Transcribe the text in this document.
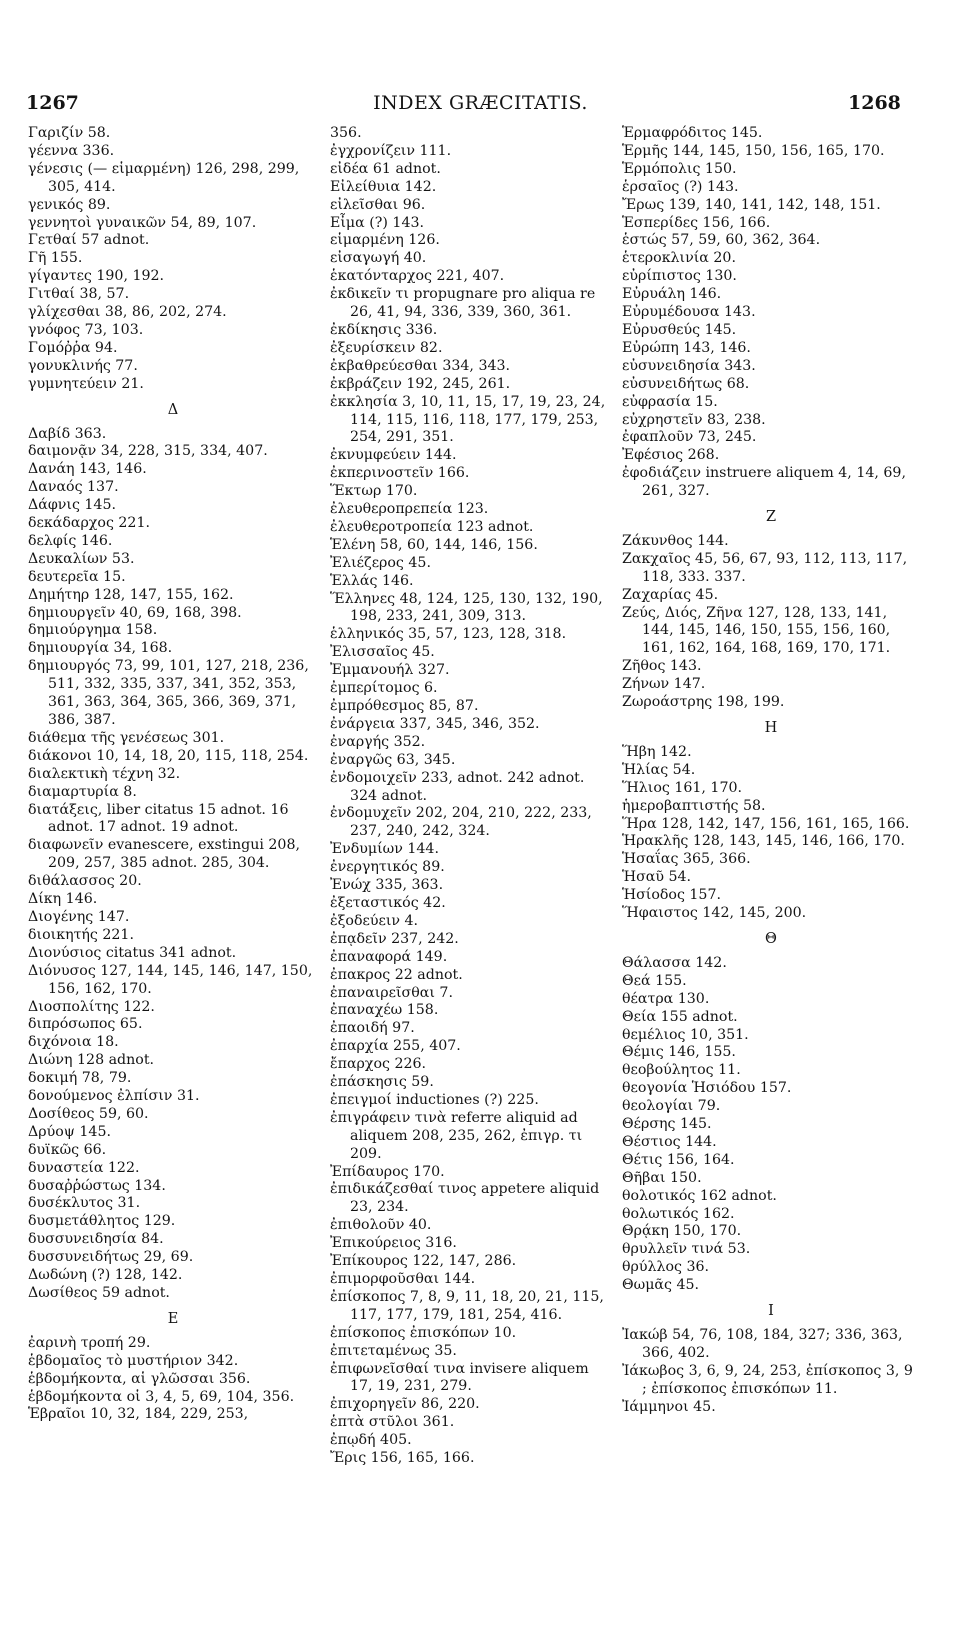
1267	INDEX GRÆCITATIS.	1268
Γαριζίν 58.
γέεννα 336.
γένεσις (— εἱμαρμένη) 126, 298, 299, 305, 414.
γενικός 89.
γεννητοὶ γυναικῶν 54, 89, 107.
Γετθαί 57 adnot.
Γῆ 155.
γίγαντες 190, 192.
Γιτθαί 38, 57.
γλίχεσθαι 38, 86, 202, 274.
γνόφος 73, 103.
Γομόῤῥα 94.
γονυκλινής 77.
γυμνητεύειν 21.
Δ
Δαβίδ 363.
δαιμονᾷν 34, 228, 315, 334, 407.
Δανάη 143, 146.
Δαναός 137.
Δάφνις 145.
δεκάδαρχος 221.
δελφίς 146.
Δευκαλίων 53.
δευτερεῖα 15.
Δημήτηρ 128, 147, 155, 162.
δημιουργεῖν 40, 69, 168, 398.
δημιούργημα 158.
δημιουργία 34, 168.
δημιουργός 73, 99, 101, 127, 218, 236, 511, 332, 335, 337, 341, 352, 353, 361, 363, 364, 365, 366, 369, 371, 386, 387.
διάθεμα τῆς γενέσεως 301.
διάκονοι 10, 14, 18, 20, 115, 118, 254.
διαλεκτικὴ τέχνη 32.
διαμαρτυρία 8.
διατάξεις, liber citatus 15 adnot. 16 adnot. 17 adnot. 19 adnot.
διαφωνεῖν evanescere, exstingui 208, 209, 257, 385 adnot. 285, 304.
διθάλασσος 20.
Δίκη 146.
Διογένης 147.
διοικητής 221.
Διονύσιος citatus 341 adnot.
Διόνυσος 127, 144, 145, 146, 147, 150, 156, 162, 170.
Διοσπολίτης 122.
διπρόσωπος 65.
διχόνοια 18.
Διώνη 128 adnot.
δοκιμή 78, 79.
δονούμενος ἐλπίσιν 31.
Δοσίθεος 59, 60.
Δρύοψ 145.
δυϊκῶς 66.
δυναστεία 122.
δυσαῤῥώστως 134.
δυσέκλυτος 31.
δυσμετάθλητος 129.
δυσσυνειδησία 84.
δυσσυνειδήτως 29, 69.
Δωδώνη (?) 128, 142.
Δωσίθεος 59 adnot.
Ε
ἐαρινὴ τροπή 29.
ἑβδομαῖος τὸ μυστήριον 342.
ἑβδομήκοντα, αἱ γλῶσσαι 356.
ἑβδομήκοντα οἱ 3, 4, 5, 69, 104, 356.
Ἑβραῖοι 10, 32, 184, 229, 253,
356.
ἐγχρονίζειν 111.
εἰδέα 61 adnot.
Εἰλείθυια 142.
εἰλεῖσθαι 96.
Εἶμα (?) 143.
εἱμαρμένη 126.
εἰσαγωγή 40.
ἑκατόνταρχος 221, 407.
ἐκδικεῖν τι propugnare pro aliqua re 26, 41, 94, 336, 339, 360, 361.
ἐκδίκησις 336.
ἐξευρίσκειν 82.
ἐκβαθρεύεσθαι 334, 343.
ἐκβράζειν 192, 245, 261.
ἐκκλησία 3, 10, 11, 15, 17, 19, 23, 24, 114, 115, 116, 118, 177, 179, 253, 254, 291, 351.
ἐκνυμφεύειν 144.
ἐκπερινοστεῖν 166.
Ἕκτωρ 170.
ἐλευθεροπρεπεία 123.
ἐλευθεροτροπεία 123 adnot.
Ἑλένη 58, 60, 144, 146, 156.
Ἐλιέζερος 45.
Ἑλλάς 146.
Ἕλληνες 48, 124, 125, 130, 132, 190, 198, 233, 241, 309, 313.
ἑλληνικός 35, 57, 123, 128, 318.
Ἐλισσαῖος 45.
Ἐμμανουήλ 327.
ἐμπερίτομος 6.
ἐμπρόθεσμος 85, 87.
ἐνάργεια 337, 345, 346, 352.
ἐναργής 352.
ἐναργῶς 63, 345.
ἐνδομοιχεῖν 233, adnot. 242 adnot. 324 adnot.
ἐνδομυχεῖν 202, 204, 210, 222, 233, 237, 240, 242, 324.
Ἐνδυμίων 144.
ἐνεργητικός 89.
Ἐνώχ 335, 363.
ἐξεταστικός 42.
ἐξοδεύειν 4.
ἐπᾳδεῖν 237, 242.
ἐπαναφορά 149.
ἐπακρος 22 adnot.
ἐπαναιρεῖσθαι 7.
ἐπαναχέω 158.
ἐπαοιδή 97.
ἐπαρχία 255, 407.
ἔπαρχος 226.
ἐπάσκησις 59.
ἐπειγμοί inductiones (?) 225.
ἐπιγράφειν τινὰ referre aliquid ad aliquem 208, 235, 262, ἐπιγρ. τι 209.
Ἐπίδαυρος 170.
ἐπιδικάζεσθαί τινος appetere aliquid 23, 234.
ἐπιθολοῦν 40.
Ἐπικούρειος 316.
Ἐπίκουρος 122, 147, 286.
ἐπιμορφοῦσθαι 144.
ἐπίσκοπος 7, 8, 9, 11, 18, 20, 21, 115, 117, 177, 179, 181, 254, 416.
ἐπίσκοπος ἐπισκόπων 10.
ἐπιτεταμένως 35.
ἐπιφωνεῖσθαί τινα invisere aliquem 17, 19, 231, 279.
ἐπιχορηγεῖν 86, 220.
ἑπτὰ στῦλοι 361.
ἐπῳδή 405.
Ἔρις 156, 165, 166.
Ἑρμαφρόδιτος 145.
Ἑρμῆς 144, 145, 150, 156, 165, 170.
Ἑρμόπολις 150.
ἑρσαῖος (?) 143.
Ἔρως 139, 140, 141, 142, 148, 151.
Ἑσπερίδες 156, 166.
ἑστώς 57, 59, 60, 362, 364.
ἑτεροκλινία 20.
εὐρίπιστος 130.
Εὐρυάλη 146.
Εὐρυμέδουσα 143.
Εὐρυσθεύς 145.
Εὐρώπη 143, 146.
εὐσυνειδησία 343.
εὐσυνειδήτως 68.
εὐφρασία 15.
εὐχρηστεῖν 83, 238.
ἐφαπλοῦν 73, 245.
Ἐφέσιος 268.
ἐφοδιάζειν instruere aliquem 4, 14, 69, 261, 327.
Ζ
Ζάκυνθος 144.
Ζακχαῖος 45, 56, 67, 93, 112, 113, 117, 118, 333. 337.
Ζαχαρίας 45.
Ζεύς, Διός, Ζῆνα 127, 128, 133, 141, 144, 145, 146, 150, 155, 156, 160, 161, 162, 164, 168, 169, 170, 171.
Ζῆθος 143.
Ζήνων 147.
Ζωροάστρης 198, 199.
Η
Ἥβη 142.
Ἡλίας 54.
Ἥλιος 161, 170.
ἡμεροβαπτιστής 58.
Ἥρα 128, 142, 147, 156, 161, 165, 166.
Ἡρακλῆς 128, 143, 145, 146, 166, 170.
Ἡσαΐας 365, 366.
Ἡσαῦ 54.
Ἡσίοδος 157.
Ἥφαιστος 142, 145, 200.
Θ
Θάλασσα 142.
Θεά 155.
θέατρα 130.
Θεία 155 adnot.
θεμέλιος 10, 351.
Θέμις 146, 155.
θεοβούλητος 11.
θεογονία Ἡσιόδου 157.
θεολογίαι 79.
Θέρσης 145.
Θέστιος 144.
Θέτις 156, 164.
Θῆβαι 150.
θολοτικός 162 adnot.
θολωτικός 162.
Θρᾴκη 150, 170.
θρυλλεῖν τινά 53.
θρύλλος 36.
Θωμᾶς 45.
Ι
Ἰακώβ 54, 76, 108, 184, 327; 336, 363, 366, 402.
Ἰάκωβος 3, 6, 9, 24, 253, ἐπίσκοπος 3, 9 ; ἐπίσκοπος ἐπισκόπων 11.
Ἰάμμηνοι 45.
